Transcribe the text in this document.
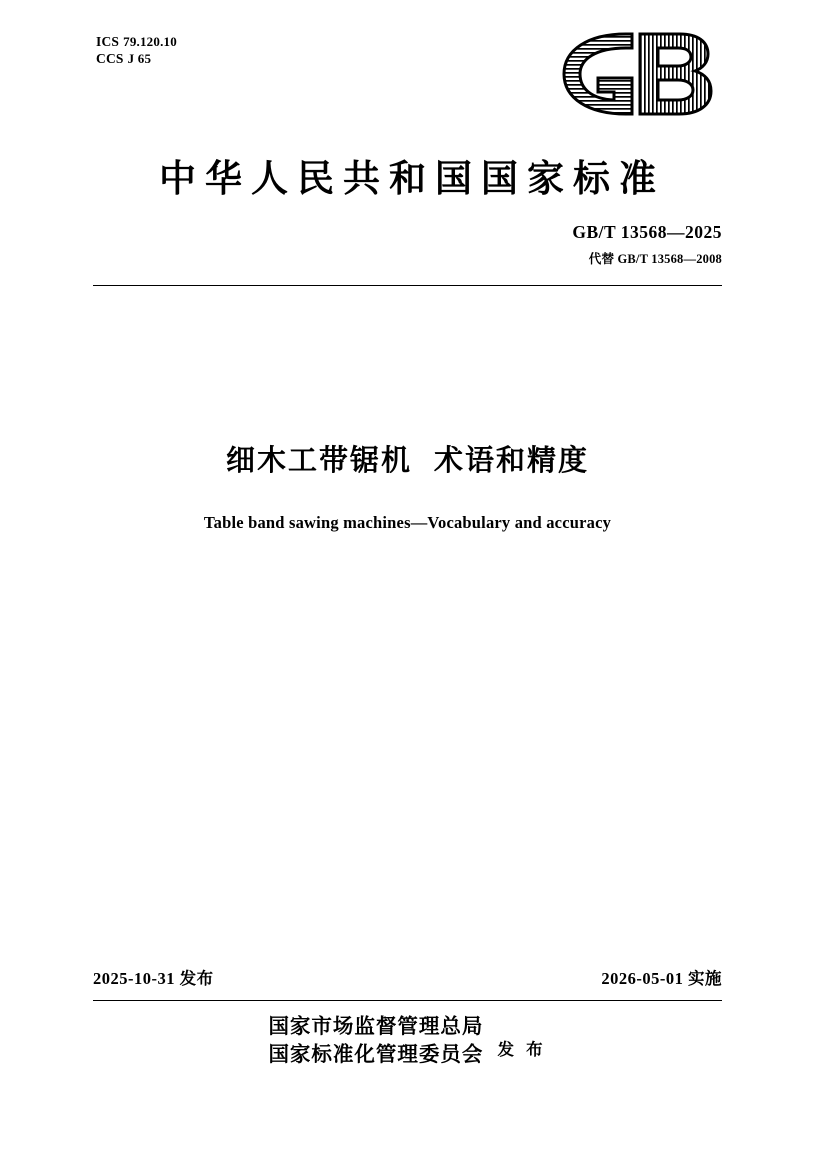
ICS 79.120.10
CCS J 65
中华人民共和国国家标准
GB/T 13568—2025
代替 GB/T 13568—2008
细木工带锯机 术语和精度
Table band sawing machines—Vocabulary and accuracy
2025-10-31 发布	2026-05-01 实施
国家市场监督管理总局
国家标准化管理委员会 发 布
